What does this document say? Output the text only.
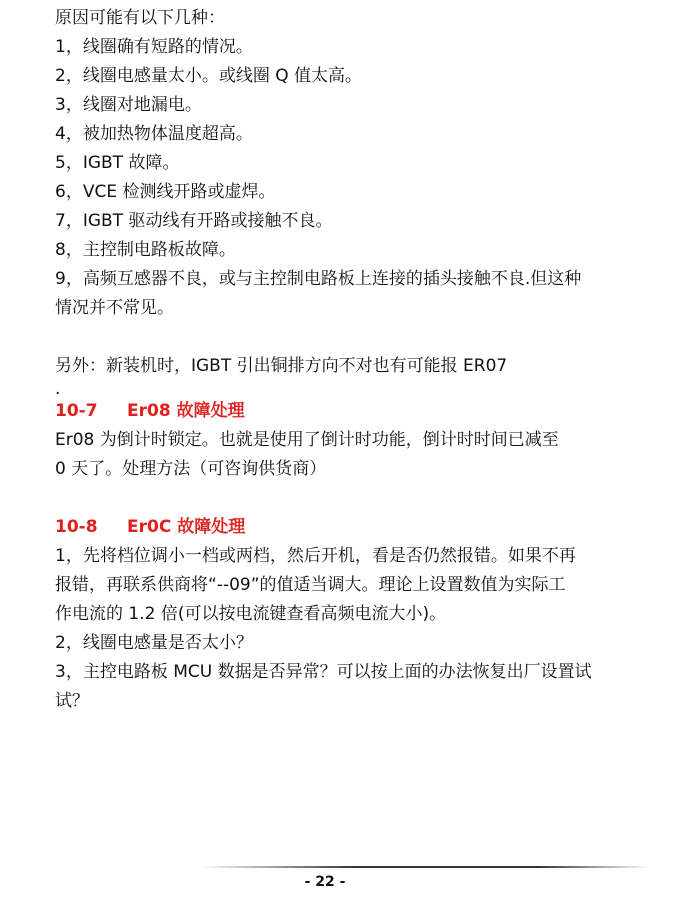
原因可能有以下几种：

1，线圈确有短路的情况。

2，线圈电感量太小。或线圈 Q 值太高。

3，线圈对地漏电。

4，被加热物体温度超高。

5，IGBT 故障。

6，VCE 检测线开路或虚焊。

7，IGBT 驱动线有开路或接触不良。

8，主控制电路板故障。

9，高频互感器不良，或与主控制电路板上连接的插头接触不良.但这种

情况并不常见。

另外：新装机时，IGBT 引出铜排方向不对也有可能报 ER07

.

10-7 Er08 故障处理

Er08 为倒计时锁定。也就是使用了倒计时功能，倒计时时间已减至

0 天了。处理方法（可咨询供货商）

10-8 Er0C 故障处理

1，先将档位调小一档或两档，然后开机，看是否仍然报错。如果不再

报错，再联系供商将“--09”的值适当调大。理论上设置数值为实际工

作电流的 1.2 倍(可以按电流键查看高频电流大小)。

2，线圈电感量是否太小？

3，主控电路板 MCU 数据是否异常？可以按上面的办法恢复出厂设置试

试？

- 22 -
